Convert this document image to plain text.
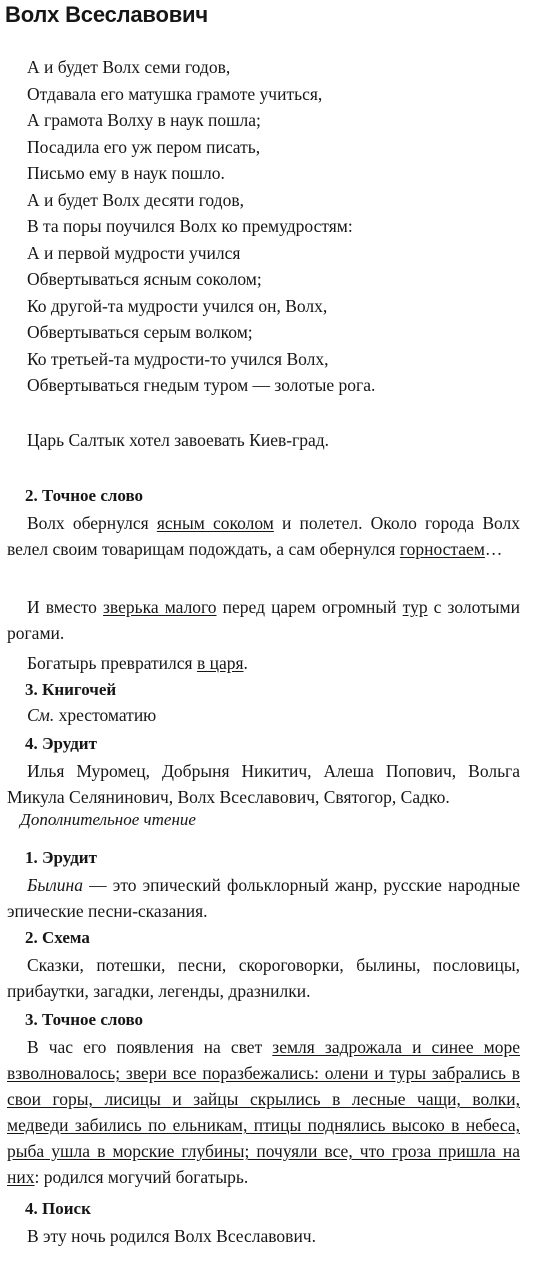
Волх Всеславович
А и будет Волх семи годов,
Отдавала его матушка грамоте учиться,
А грамота Волху в наук пошла;
Посадила его уж пером писать,
Письмо ему в наук пошло.
А и будет Волх десяти годов,
В та поры поучился Волх ко премудростям:
А и первой мудрости учился
Обвертываться ясным соколом;
Ко другой-та мудрости учился он, Волх,
Обвертываться серым волком;
Ко третьей-та мудрости-то учился Волх,
Обвертываться гнедым туром — золотые рога.
Царь Салтык хотел завоевать Киев-град.
2. Точное слово
Волх обернулся ясным соколом и полетел. Около города Волх велел своим товарищам подождать, а сам обернулся горностаем…
И вместо зверька малого перед царем огромный тур с золотыми рогами.
Богатырь превратился в царя.
3. Книгочей
См. хрестоматию
4. Эрудит
Илья Муромец, Добрыня Никитич, Алеша Попович, Вольга Микула Селянинович, Волх Всеславович, Святогор, Садко.
Дополнительное чтение
1. Эрудит
Былина — это эпический фольклорный жанр, русские народные эпические песни-сказания.
2. Схема
Сказки, потешки, песни, скороговорки, былины, пословицы, прибаутки, загадки, легенды, дразнилки.
3. Точное слово
В час его появления на свет земля задрожала и синее море взволновалось; звери все поразбежались: олени и туры забрались в свои горы, лисицы и зайцы скрылись в лесные чащи, волки, медведи забились по ельникам, птицы поднялись высоко в небеса, рыба ушла в морские глубины; почуяли все, что гроза пришла на них: родился могучий богатырь.
4. Поиск
В эту ночь родился Волх Всеславович.
